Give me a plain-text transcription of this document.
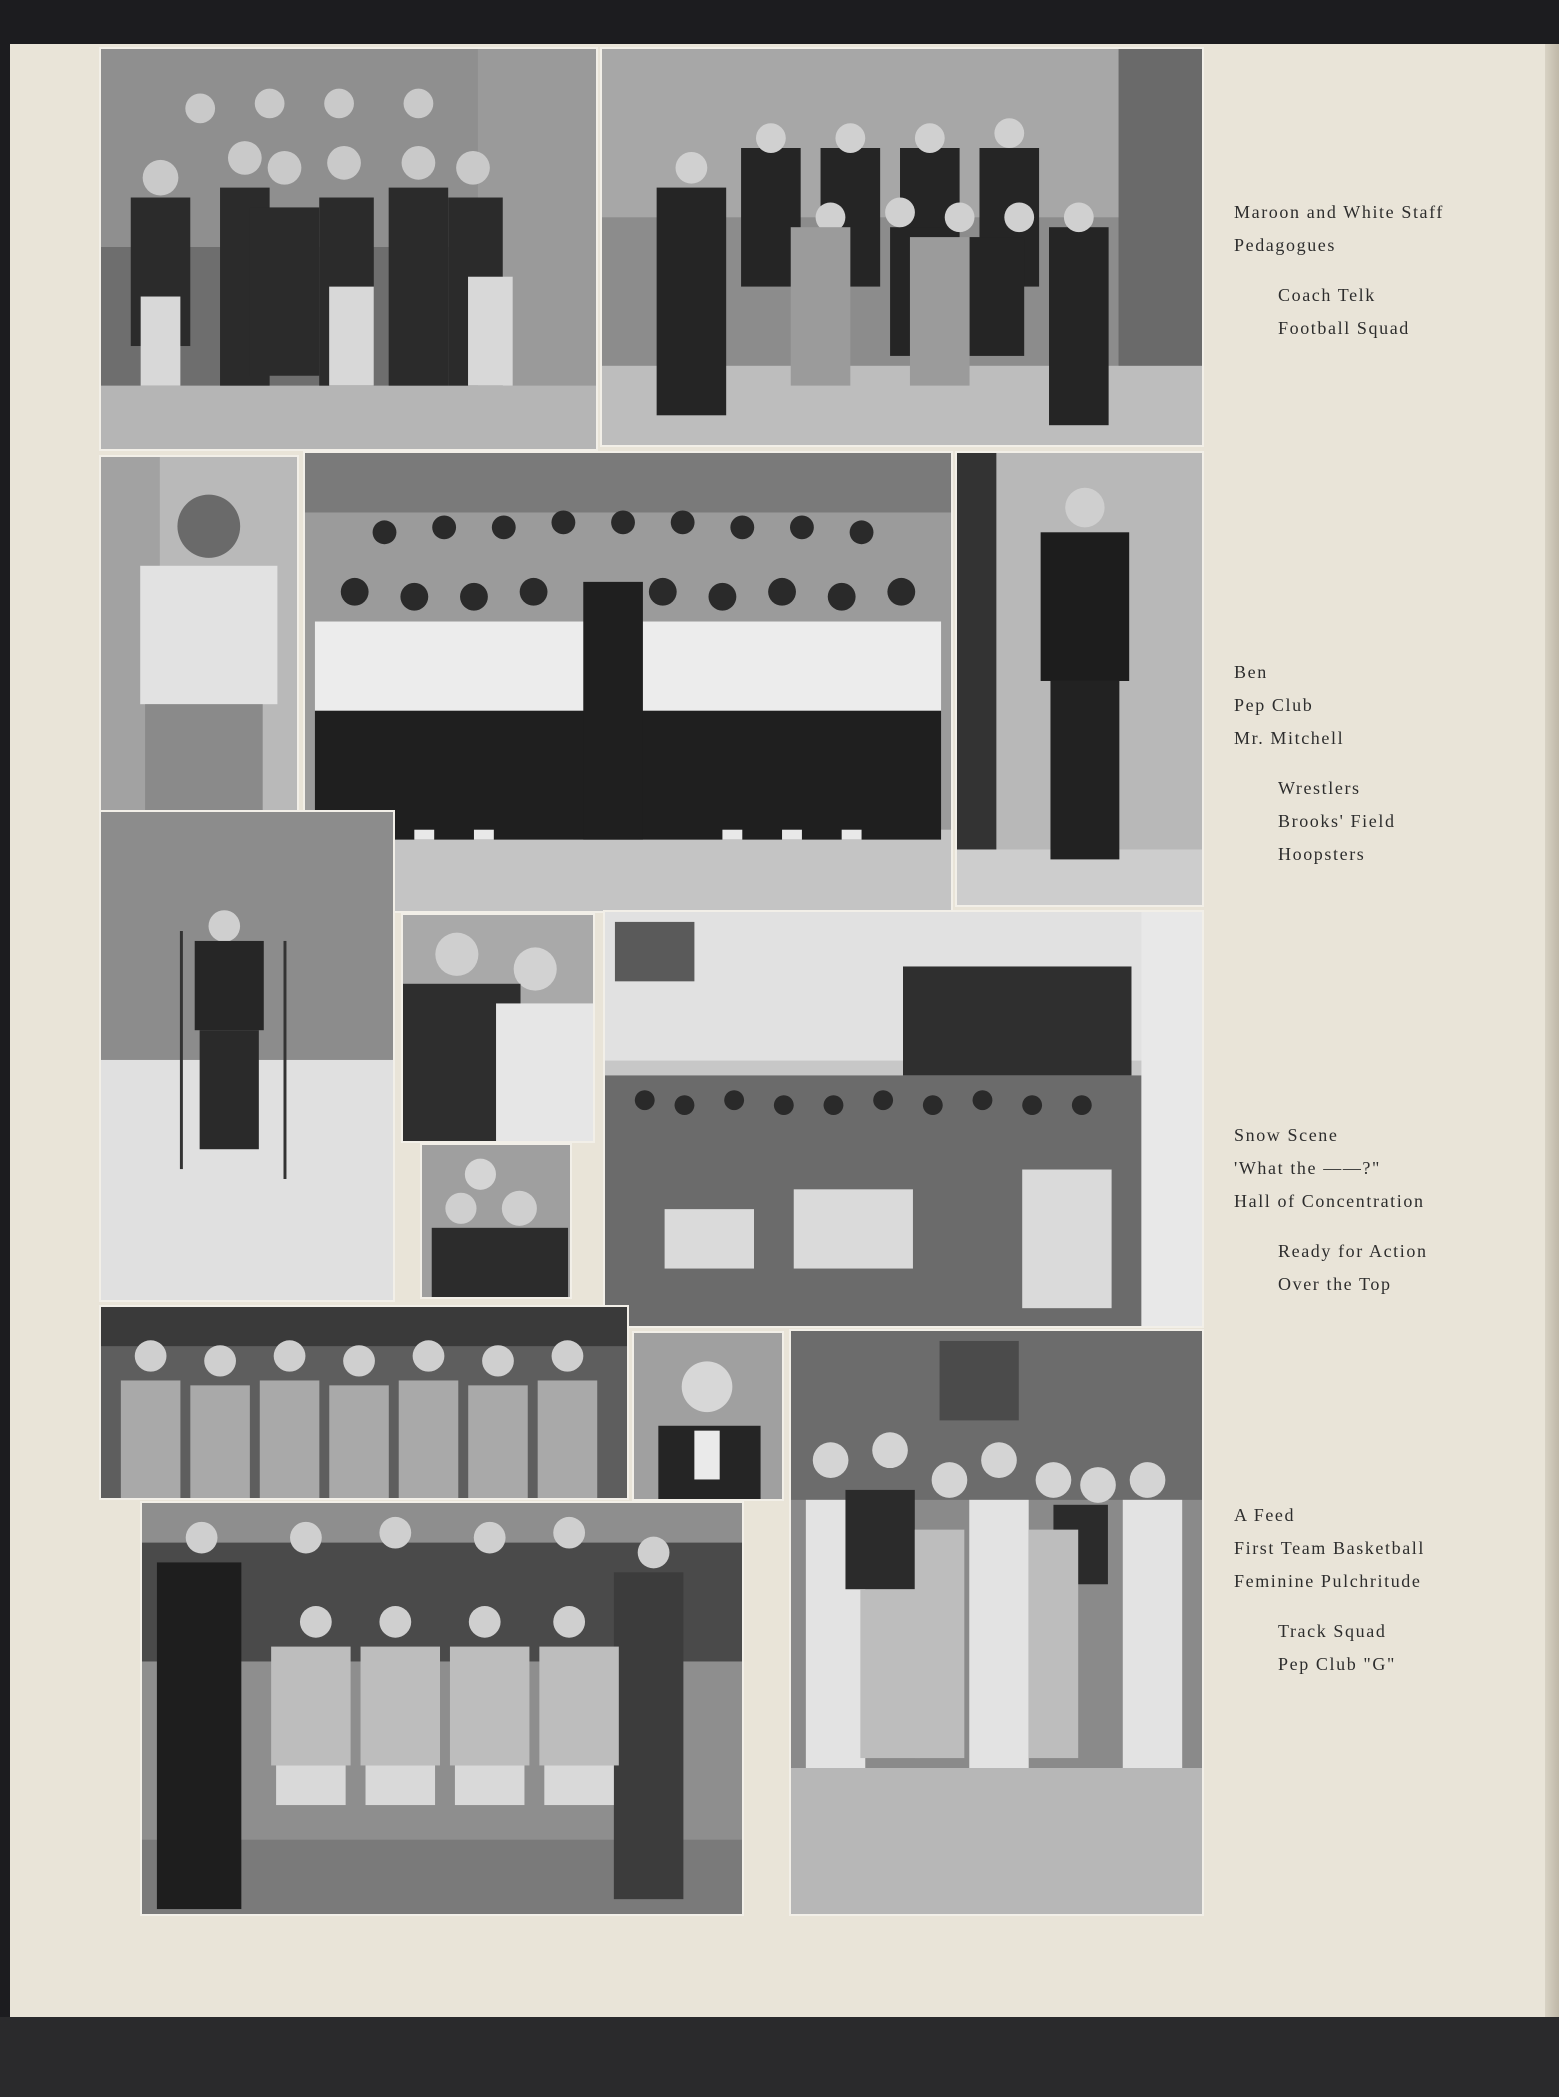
Maroon and White Staff
Pedagogues
Coach Telk
Football Squad
Ben
Pep Club
Mr. Mitchell
Wrestlers
Brooks' Field
Hoopsters
Snow Scene
'What the ——?"
Hall of Concentration
Ready for Action
Over the Top
A Feed
First Team Basketball
Feminine Pulchritude
Track Squad
Pep Club "G"
